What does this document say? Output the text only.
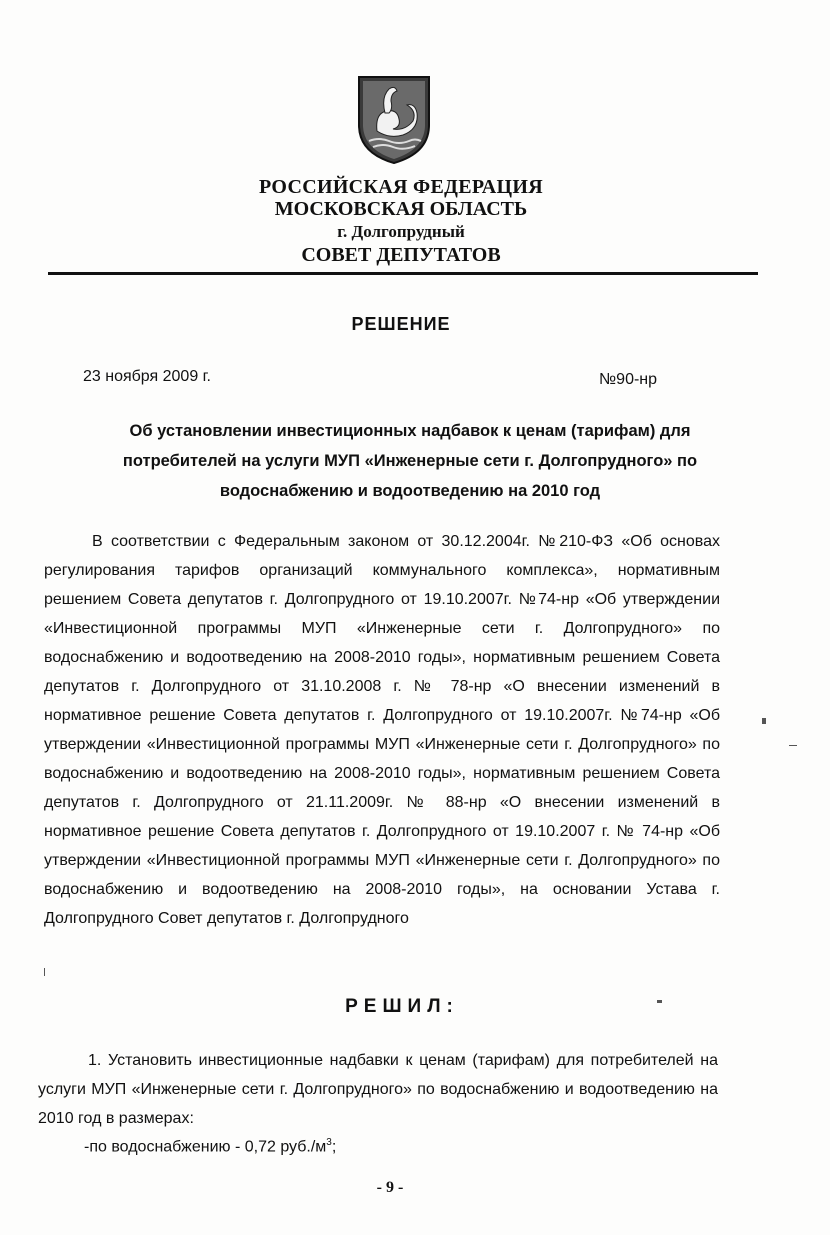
РОССИЙСКАЯ ФЕДЕРАЦИЯ
МОСКОВСКАЯ ОБЛАСТЬ
г. Долгопрудный
СОВЕТ ДЕПУТАТОВ
РЕШЕНИЕ
23 ноября 2009 г.	№90-нр
Об установлении инвестиционных надбавок к ценам (тарифам) для потребителей на услуги МУП «Инженерные сети г. Долгопрудного» по водоснабжению и водоотведению на 2010 год

В соответствии с Федеральным законом от 30.12.2004г. №210-ФЗ «Об основах регулирования тарифов организаций коммунального комплекса», нормативным решением Совета депутатов г. Долгопрудного от 19.10.2007г. №74-нр «Об утверждении «Инвестиционной программы МУП «Инженерные сети г. Долгопрудного» по водоснабжению и водоотведению на 2008-2010 годы», нормативным решением Совета депутатов г. Долгопрудного от 31.10.2008 г. № 78-нр «О внесении изменений в нормативное решение Совета депутатов г. Долгопрудного от 19.10.2007г. №74-нр «Об утверждении «Инвестиционной программы МУП «Инженерные сети г. Долгопрудного» по водоснабжению и водоотведению на 2008-2010 годы», нормативным решением Совета депутатов г. Долгопрудного от 21.11.2009г. № 88-нр «О внесении изменений в нормативное решение Совета депутатов г. Долгопрудного от 19.10.2007 г. № 74-нр «Об утверждении «Инвестиционной программы МУП «Инженерные сети г. Долгопрудного» по водоснабжению и водоотведению на 2008-2010 годы», на основании Устава г. Долгопрудного Совет депутатов г. Долгопрудного

РЕШИЛ:

1. Установить инвестиционные надбавки к ценам (тарифам) для потребителей на услуги МУП «Инженерные сети г. Долгопрудного» по водоснабжению и водоотведению на 2010 год в размерах:

-по водоснабжению - 0,72 $руб./м^3$;
- 9 -
